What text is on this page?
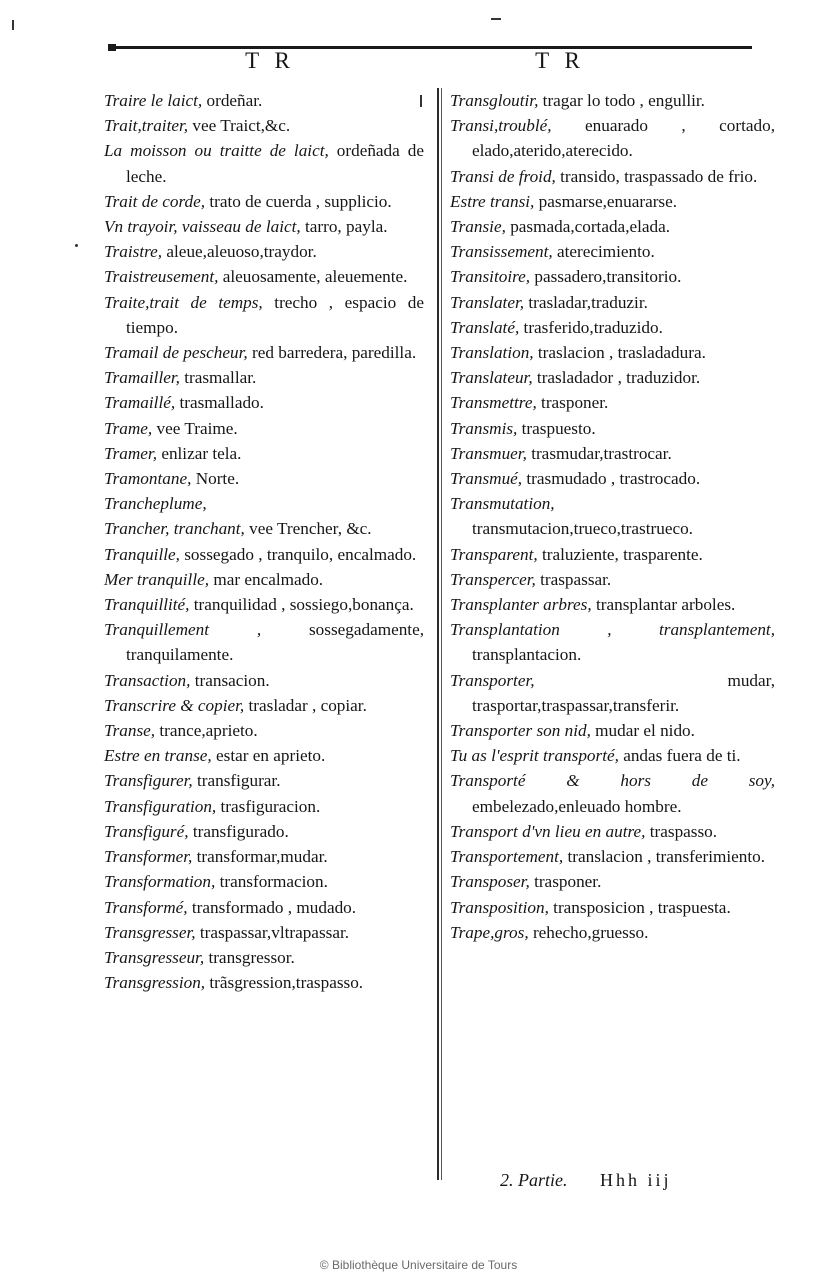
T R	T R

Traire le laict, ordeñar.

Trait,traiter, vee Traict,&c.

La moisson ou traitte de laict, ordeñada de leche.

Trait de corde, trato de cuerda , supplicio.

Vn trayoir, vaisseau de laict, tarro, payla.

Traistre, aleue,aleuoso,traydor.

Traistreusement, aleuosamente, aleuemente.

Traite,trait de temps, trecho , espacio de tiempo.

Tramail de pescheur, red barredera, paredilla.

Tramailler, trasmallar.

Tramaillé, trasmallado.

Trame, vee Traime.

Tramer, enlizar tela.

Tramontane, Norte.

Trancheplume,

Trancher, tranchant, vee Trencher, &c.

Tranquille, sossegado , tranquilo, encalmado.

Mer tranquille, mar encalmado.

Tranquillité, tranquilidad , sossiego,bonança.

Tranquillement , sossegadamente, tranquilamente.

Transaction, transacion.

Transcrire & copier, trasladar , copiar.

Transe, trance,aprieto.

Estre en transe, estar en aprieto.

Transfigurer, transfigurar.

Transfiguration, trasfiguracion.

Transfiguré, transfigurado.

Transformer, transformar,mudar.

Transformation, transformacion.

Transformé, transformado , mudado.

Transgresser, traspassar,vltrapassar.

Transgresseur, transgressor.

Transgression, trãsgression,traspasso.

Transgloutir, tragar lo todo , engullir.

Transi,troublé, enuarado , cortado, elado,aterido,aterecido.

Transi de froid, transido, traspassado de frio.

Estre transi, pasmarse,enuararse.

Transie, pasmada,cortada,elada.

Transissement, aterecimiento.

Transitoire, passadero,transitorio.

Translater, trasladar,traduzir.

Translaté, trasferido,traduzido.

Translation, traslacion , trasladadura.

Translateur, trasladador , traduzidor.

Transmettre, trasponer.

Transmis, traspuesto.

Transmuer, trasmudar,trastrocar.

Transmué, trasmudado , trastrocado.

Transmutation, transmutacion,trueco,trastrueco.

Transparent, traluziente, trasparente.

Transpercer, traspassar.

Transplanter arbres, transplantar arboles.

Transplantation , transplantement, transplantacion.

Transporter, mudar, trasportar,traspassar,transferir.

Transporter son nid, mudar el nido.

Tu as l'esprit transporté, andas fuera de ti.

Transporté & hors de soy, embelezado,enleuado hombre.

Transport d'vn lieu en autre, traspasso.

Transportement, translacion , transferimiento.

Transposer, trasponer.

Transposition, transposicion , traspuesta.

Trape,gros, rehecho,gruesso.

2. Partie. Hhh iij
© Bibliothèque Universitaire de Tours
